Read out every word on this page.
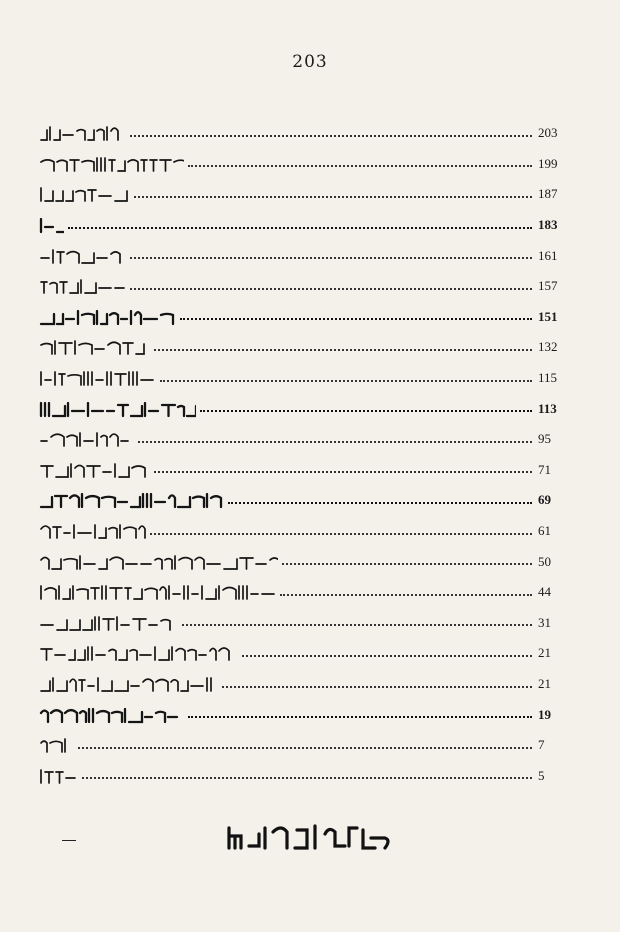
203
203
199
187
183
161
157
151
132
115
113
95
71
69
61
50
44
31
21
21
19
7
5
